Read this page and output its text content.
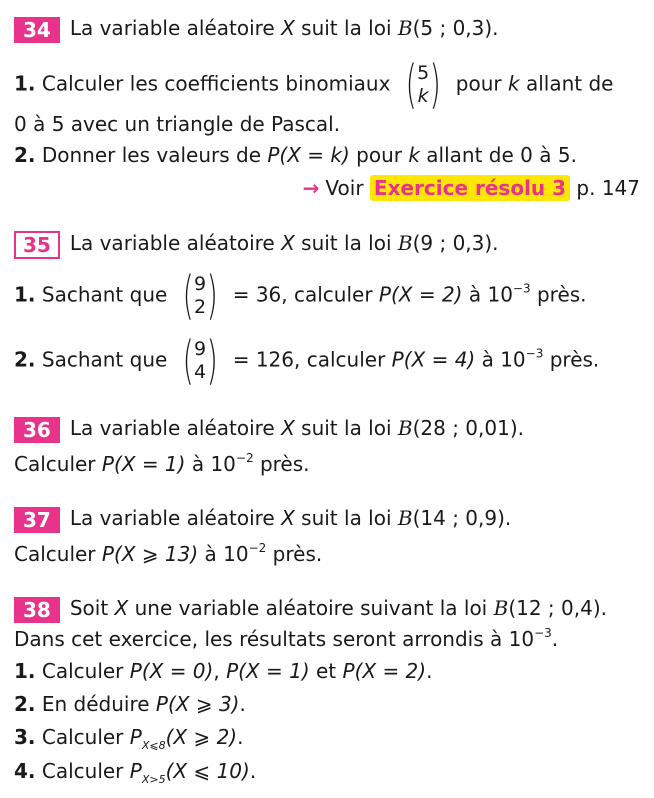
34 La variable aléatoire X suit la loi B(5 ; 0,3).
1. Calculer les coefficients binomiaux ( 5
k ) pour k allant de
0 à 5 avec un triangle de Pascal.
2. Donner les valeurs de P(X = k) pour k allant de 0 à 5.
→ Voir Exercice résolu 3 p. 147
35 La variable aléatoire X suit la loi B(9 ; 0,3).
1. Sachant que ( 9
2 ) = 36, calculer P(X = 2) à $10^{-3}$ près.
2. Sachant que ( 9
4 ) = 126, calculer P(X = 4) à $10^{-3}$ près.
36 La variable aléatoire X suit la loi B(28 ; 0,01).
Calculer P(X = 1) à $10^{-2}$ près.
37 La variable aléatoire X suit la loi B(14 ; 0,9).
Calculer P(X ⩾ 13) à $10^{-2}$ près.
38 Soit X une variable aléatoire suivant la loi B(12 ; 0,4).
Dans cet exercice, les résultats seront arrondis à $10^{-3}$.
1. Calculer P(X = 0), P(X = 1) et P(X = 2).
2. En déduire P(X ⩾ 3).
3. Calculer $P_{X⩽8}(X$ ⩾ 2).
4. Calculer $P_{X>5}(X$ ⩽ 10).
